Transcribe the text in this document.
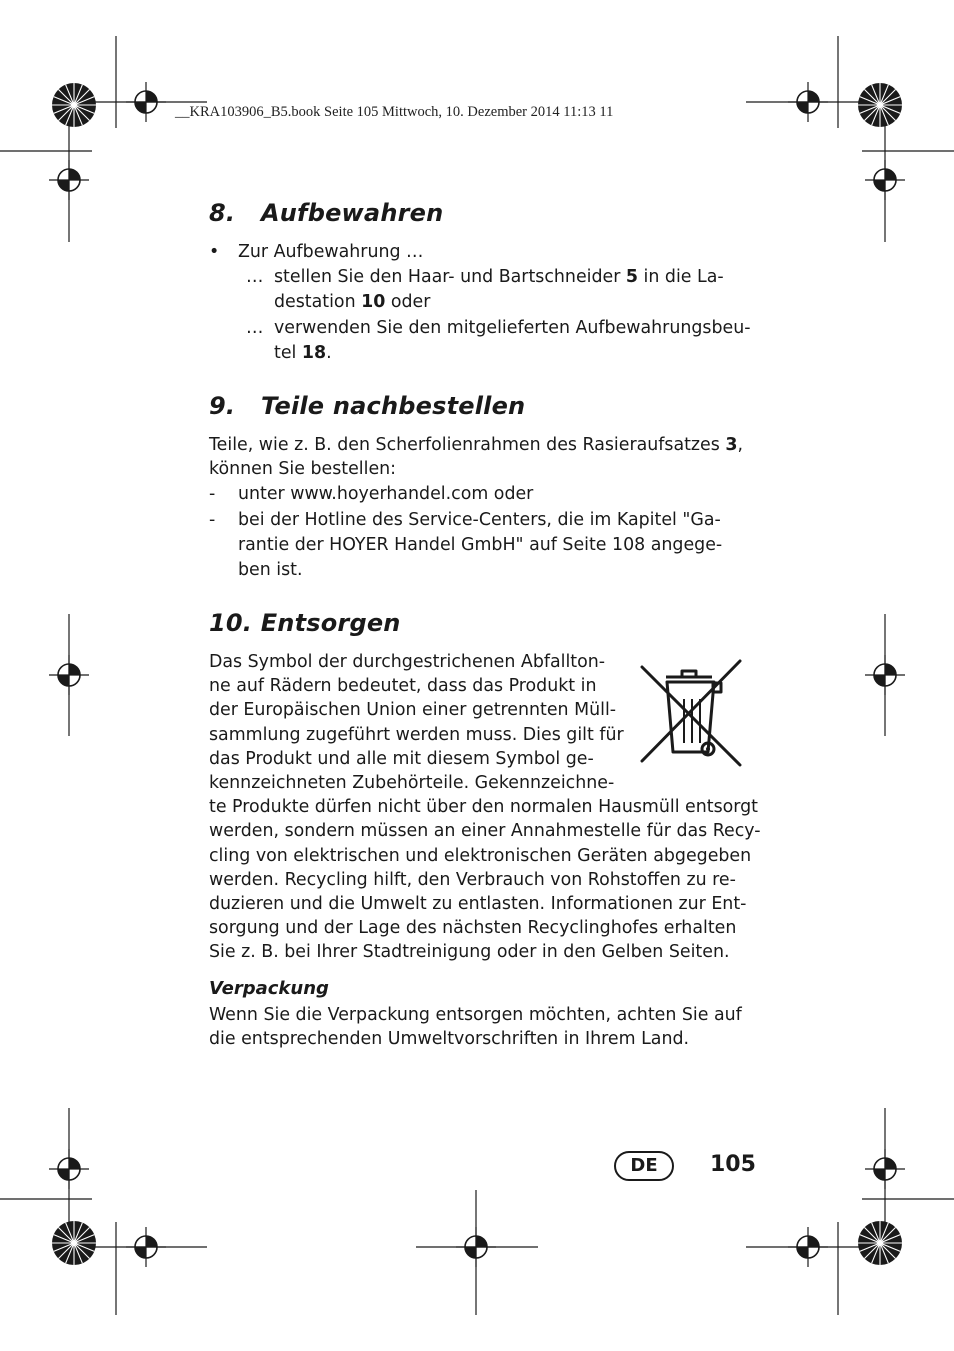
__KRA103906_B5.book Seite 105 Mittwoch, 10. Dezember 2014 11:13 11
8. Aufbewahren
• Zur Aufbewahrung …
… stellen Sie den Haar- und Bartschneider 5 in die La-
destation 10 oder
… verwenden Sie den mitgelieferten Aufbewahrungsbeu-
tel 18.
9. Teile nachbestellen
Teile, wie z. B. den Scherfolienrahmen des Rasieraufsatzes 3,
können Sie bestellen:
- unter www.hoyerhandel.com oder
- bei der Hotline des Service-Centers, die im Kapitel "Ga-
rantie der HOYER Handel GmbH" auf Seite 108 angege-
ben ist.
10. Entsorgen

Das Symbol der durchgestrichenen Abfallton-

ne auf Rädern bedeutet, dass das Produkt in

der Europäischen Union einer getrennten Müll-

sammlung zugeführt werden muss. Dies gilt für

das Produkt und alle mit diesem Symbol ge-

kennzeichneten Zubehörteile. Gekennzeichne-

te Produkte dürfen nicht über den normalen Hausmüll entsorgt

werden, sondern müssen an einer Annahmestelle für das Recy-

cling von elektrischen und elektronischen Geräten abgegeben

werden. Recycling hilft, den Verbrauch von Rohstoffen zu re-

duzieren und die Umwelt zu entlasten. Informationen zur Ent-

sorgung und der Lage des nächsten Recyclinghofes erhalten

Sie z. B. bei Ihrer Stadtreinigung oder in den Gelben Seiten.

Verpackung

Wenn Sie die Verpackung entsorgen möchten, achten Sie auf

die entsprechenden Umweltvorschriften in Ihrem Land.

DE	105
